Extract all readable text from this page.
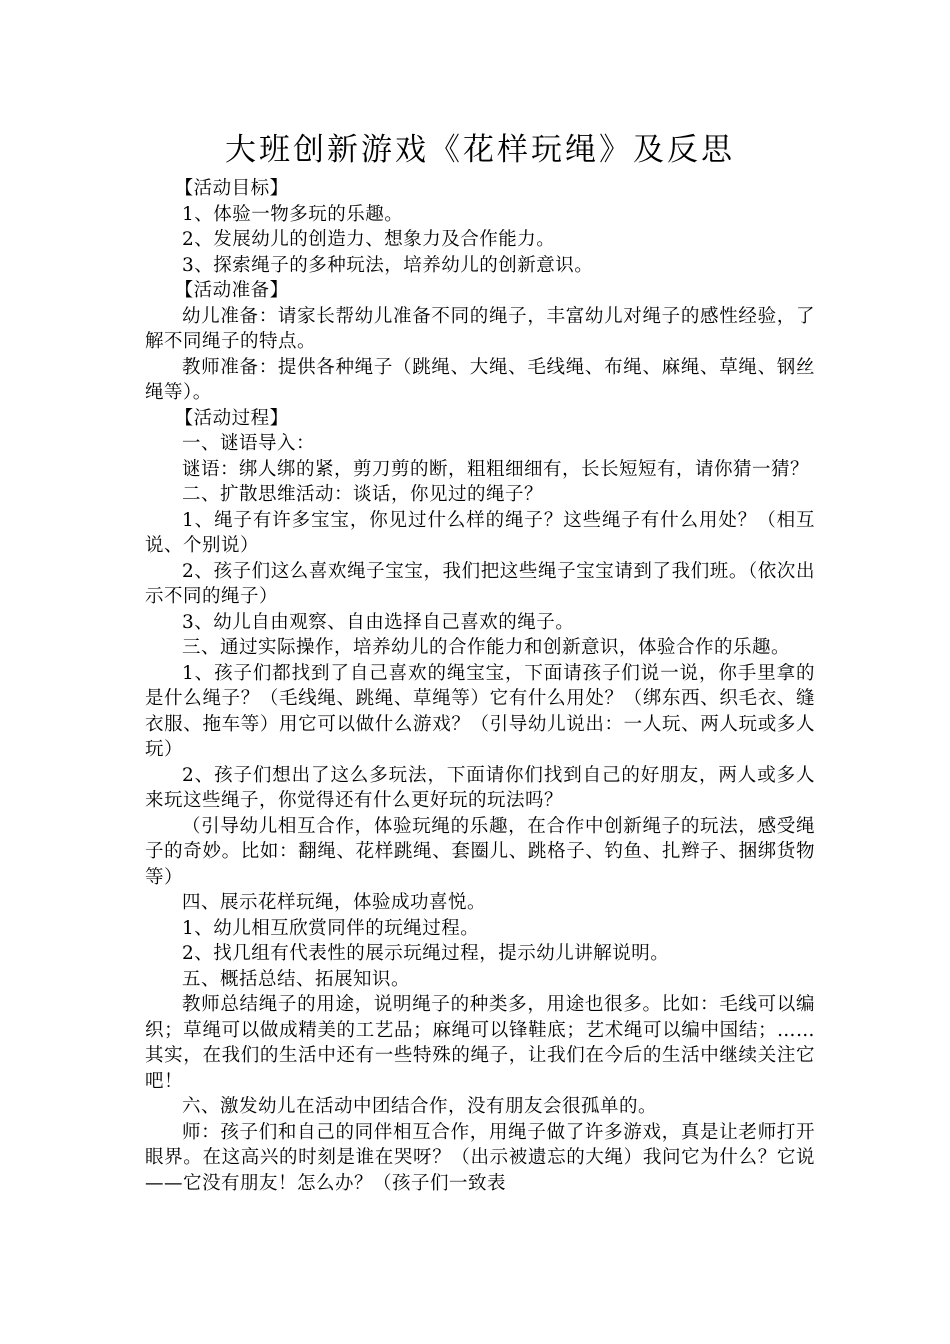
大班创新游戏《花样玩绳》及反思

【活动目标】

1、体验一物多玩的乐趣。

2、发展幼儿的创造力、想象力及合作能力。

3、探索绳子的多种玩法，培养幼儿的创新意识。

【活动准备】

幼儿准备：请家长帮幼儿准备不同的绳子，丰富幼儿对绳子的感性经验，了解不同绳子的特点。

教师准备：提供各种绳子（跳绳、大绳、毛线绳、布绳、麻绳、草绳、钢丝绳等）。

【活动过程】

一、谜语导入：

谜语：绑人绑的紧，剪刀剪的断，粗粗细细有，长长短短有，请你猜一猜？

二、扩散思维活动：谈话，你见过的绳子？

1、绳子有许多宝宝，你见过什么样的绳子？这些绳子有什么用处？（相互说、个别说）

2、孩子们这么喜欢绳子宝宝，我们把这些绳子宝宝请到了我们班。（依次出示不同的绳子）

3、幼儿自由观察、自由选择自己喜欢的绳子。

三、通过实际操作，培养幼儿的合作能力和创新意识，体验合作的乐趣。

1、孩子们都找到了自己喜欢的绳宝宝，下面请孩子们说一说，你手里拿的是什么绳子？（毛线绳、跳绳、草绳等）它有什么用处？（绑东西、织毛衣、缝衣服、拖车等）用它可以做什么游戏？（引导幼儿说出：一人玩、两人玩或多人玩）

2、孩子们想出了这么多玩法，下面请你们找到自己的好朋友，两人或多人来玩这些绳子，你觉得还有什么更好玩的玩法吗？

（引导幼儿相互合作，体验玩绳的乐趣，在合作中创新绳子的玩法，感受绳子的奇妙。比如：翻绳、花样跳绳、套圈儿、跳格子、钓鱼、扎辫子、捆绑货物等）

四、展示花样玩绳，体验成功喜悦。

1、幼儿相互欣赏同伴的玩绳过程。

2、找几组有代表性的展示玩绳过程，提示幼儿讲解说明。

五、概括总结、拓展知识。

教师总结绳子的用途，说明绳子的种类多，用途也很多。比如：毛线可以编织；草绳可以做成精美的工艺品；麻绳可以锋鞋底；艺术绳可以编中国结；……其实，在我们的生活中还有一些特殊的绳子，让我们在今后的生活中继续关注它吧！

六、激发幼儿在活动中团结合作，没有朋友会很孤单的。

师：孩子们和自己的同伴相互合作，用绳子做了许多游戏，真是让老师打开眼界。在这高兴的时刻是谁在哭呀？（出示被遗忘的大绳）我问它为什么？它说——它没有朋友！怎么办？（孩子们一致表
